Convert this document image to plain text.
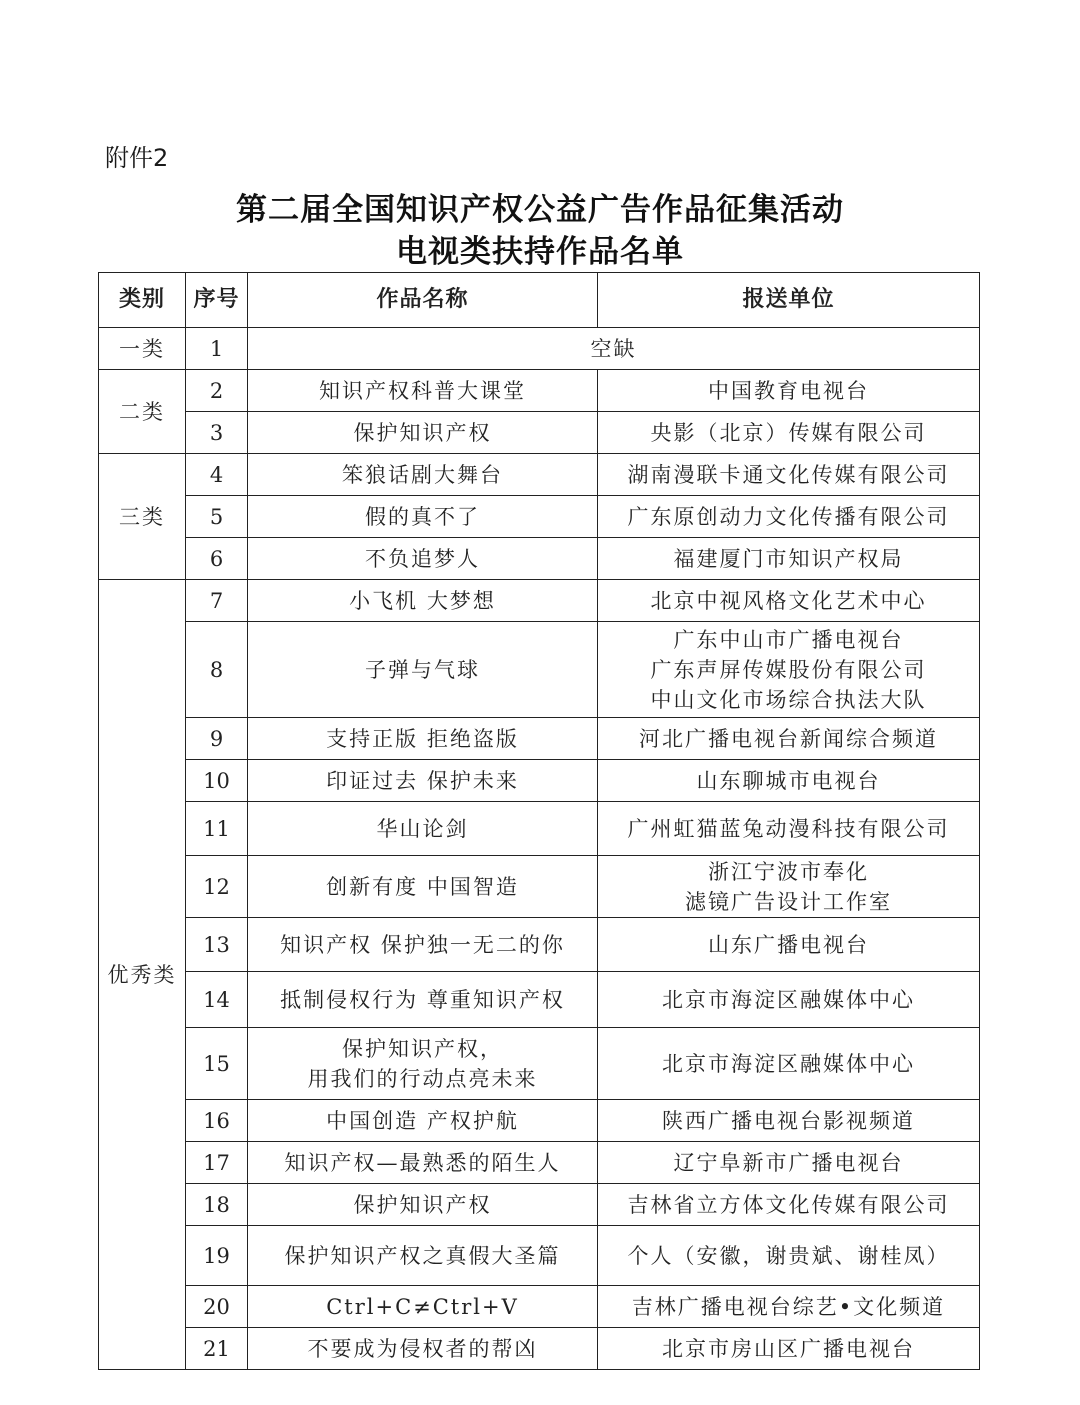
附件2
第二届全国知识产权公益广告作品征集活动
电视类扶持作品名单
类别	序号	作品名称	报送单位
一类	1	空缺	

二类	2	知识产权科普大课堂	中国教育电视台

	3	保护知识产权	央影（北京）传媒有限公司

三类	4	笨狼话剧大舞台	湖南漫联卡通文化传媒有限公司

	5	假的真不了	广东原创动力文化传播有限公司

	6	不负追梦人	福建厦门市知识产权局

优秀类	7	小飞机 大梦想	北京中视风格文化艺术中心

	8	子弹与气球	广东中山市广播电视台
广东声屏传媒股份有限公司
中山文化市场综合执法大队

	9	支持正版 拒绝盗版	河北广播电视台新闻综合频道

	10	印证过去 保护未来	山东聊城市电视台

	11	华山论剑	广州虹猫蓝兔动漫科技有限公司

	12	创新有度 中国智造	浙江宁波市奉化
滤镜广告设计工作室

	13	知识产权 保护独一无二的你	山东广播电视台

	14	抵制侵权行为 尊重知识产权	北京市海淀区融媒体中心

	15	保护知识产权，
用我们的行动点亮未来	北京市海淀区融媒体中心

	16	中国创造 产权护航	陕西广播电视台影视频道

	17	知识产权—最熟悉的陌生人	辽宁阜新市广播电视台

	18	保护知识产权	吉林省立方体文化传媒有限公司

	19	保护知识产权之真假大圣篇	个人（安徽，谢贵斌、谢桂凤）

	20	Ctrl+C≠Ctrl+V	吉林广播电视台综艺•文化频道

	21	不要成为侵权者的帮凶	北京市房山区广播电视台
